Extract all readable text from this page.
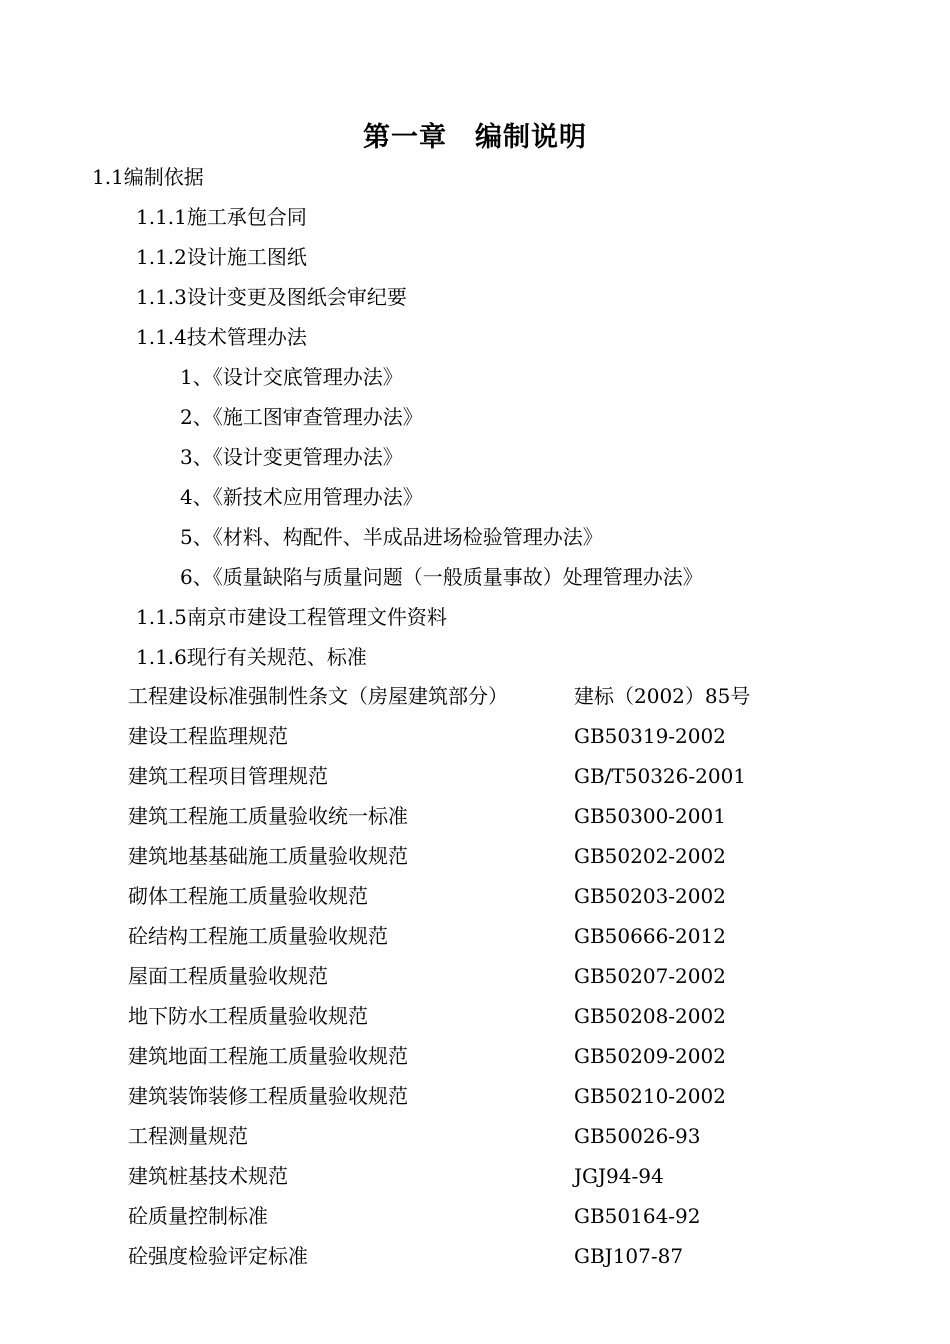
第一章　编制说明
1.1编制依据
1.1.1施工承包合同
1.1.2设计施工图纸
1.1.3设计变更及图纸会审纪要
1.1.4技术管理办法
1、《设计交底管理办法》
2、《施工图审查管理办法》
3、《设计变更管理办法》
4、《新技术应用管理办法》
5、《材料、构配件、半成品进场检验管理办法》
6、《质量缺陷与质量问题（一般质量事故）处理管理办法》
1.1.5南京市建设工程管理文件资料
1.1.6现行有关规范、标准
工程建设标准强制性条文（房屋建筑部分）	建标（2002）85号
建设工程监理规范	GB50319-2002
建筑工程项目管理规范	GB/T50326-2001
建筑工程施工质量验收统一标准	GB50300-2001
建筑地基基础施工质量验收规范	GB50202-2002
砌体工程施工质量验收规范	GB50203-2002
砼结构工程施工质量验收规范	GB50666-2012
屋面工程质量验收规范	GB50207-2002
地下防水工程质量验收规范	GB50208-2002
建筑地面工程施工质量验收规范	GB50209-2002
建筑装饰装修工程质量验收规范	GB50210-2002
工程测量规范	GB50026-93
建筑桩基技术规范	JGJ94-94
砼质量控制标准	GB50164-92
砼强度检验评定标准	GBJ107-87
